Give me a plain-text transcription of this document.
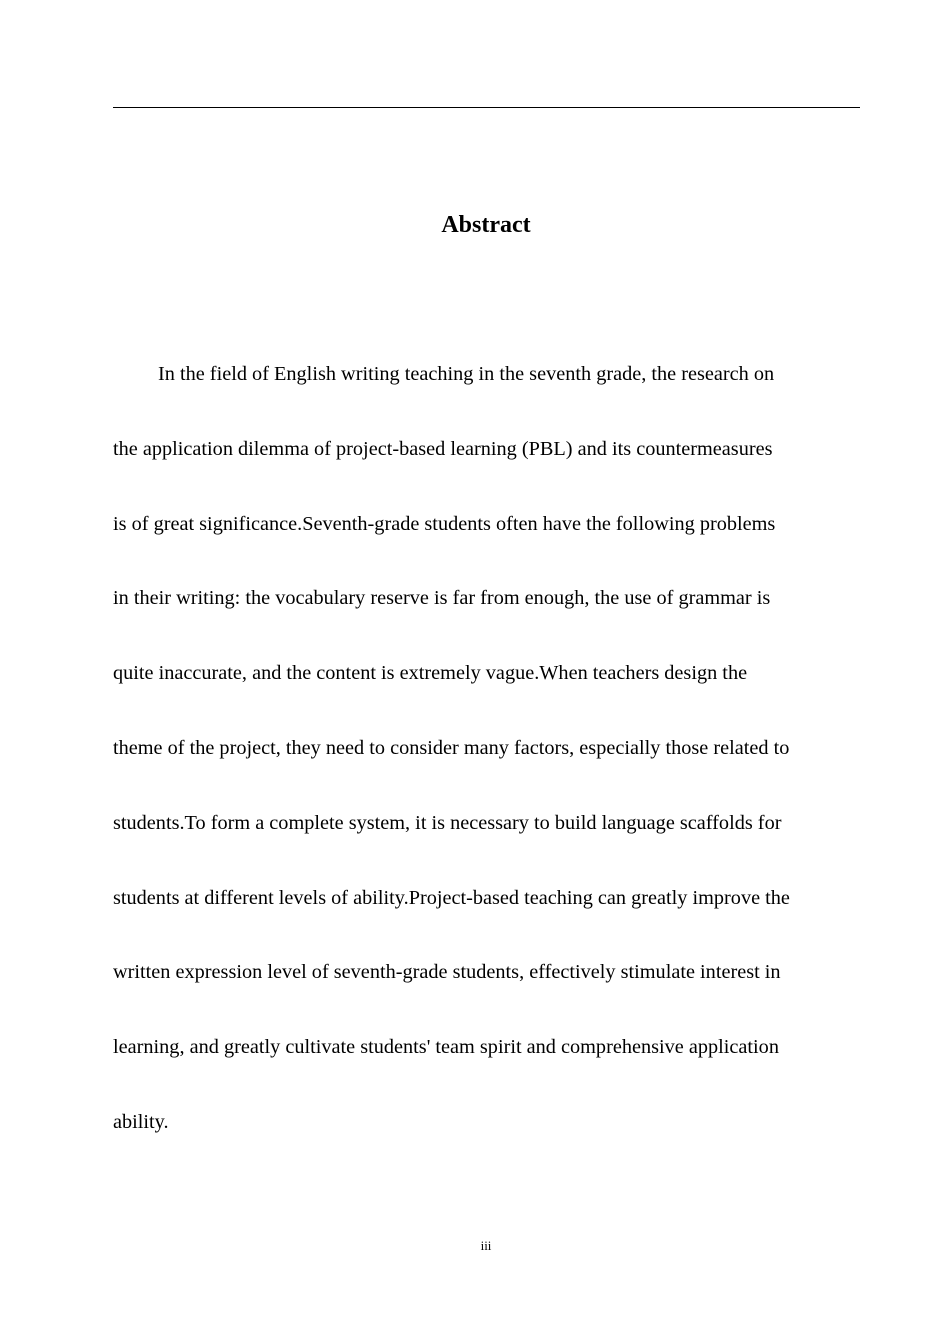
Abstract
In the field of English writing teaching in the seventh grade, the research on
the application dilemma of project-based learning (PBL) and its countermeasures
is of great significance.Seventh-grade students often have the following problems
in their writing: the vocabulary reserve is far from enough, the use of grammar is
quite inaccurate, and the content is extremely vague.When teachers design the
theme of the project, they need to consider many factors, especially those related to
students.To form a complete system, it is necessary to build language scaffolds for
students at different levels of ability.Project-based teaching can greatly improve the
written expression level of seventh-grade students, effectively stimulate interest in
learning, and greatly cultivate students' team spirit and comprehensive application
ability.
iii
